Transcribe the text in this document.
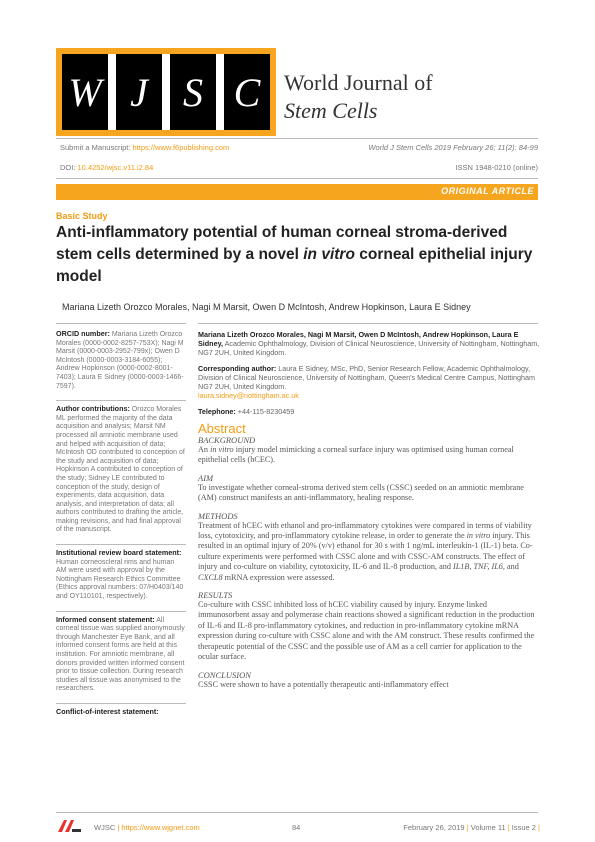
W J S C World Journal of
Stem Cells
Submit a Manuscript: https://www.f6publishing.com	World J Stem Cells 2019 February 26; 11(2): 84-99
DOI: 10.4252/wjsc.v11.i2.84	ISSN 1948-0210 (online)
ORIGINAL ARTICLE
Basic Study
Anti-inflammatory potential of human corneal stroma-derived stem cells determined by a novel in vitro corneal epithelial injury model
Mariana Lizeth Orozco Morales, Nagi M Marsit, Owen D McIntosh, Andrew Hopkinson, Laura E Sidney

ORCID number: Mariana Lizeth Orozco Morales (0000-0002-8257-753X); Nagi M Marsit (0000-0003-2952-799x); Owen D McIntosh (0000-0003-3184-6055); Andrew Hopkinson (0000-0002-8001-7403); Laura E Sidney (0000-0003-1466-7597).

Author contributions: Orozco Morales ML performed the majority of the data acquisition and analysis; Marsit NM processed all amniotic membrane used and helped with acquisition of data; McIntosh OD contributed to conception of the study and acquisition of data; Hopkinson A contributed to conception of the study; Sidney LE contributed to conception of the study, design of experiments, data acquisition, data analysis, and interpretation of data; all authors contributed to drafting the article, making revisions, and had final approval of the manuscript.

Institutional review board statement: Human corneoscleral rims and human AM were used with approval by the Nottingham Research Ethics Committee (Ethics approval numbers: 07/H0403/140 and OY110101, respectively).

Informed consent statement: All corneal tissue was supplied anonymously through Manchester Eye Bank, and all informed consent forms are held at this institution. For amniotic membrane, all donors provided written informed consent prior to tissue collection. During research studies all tissue was anonymised to the researchers.

Conflict-of-interest statement:

Mariana Lizeth Orozco Morales, Nagi M Marsit, Owen D McIntosh, Andrew Hopkinson, Laura E Sidney, Academic Ophthalmology, Division of Clinical Neuroscience, University of Nottingham, Nottingham, NG7 2UH, United Kingdom.

Corresponding author: Laura E Sidney, MSc, PhD, Senior Research Fellow, Academic Ophthalmology, Division of Clinical Neuroscience, University of Nottingham, Queen's Medical Centre Campus, Nottingham NG7 2UH, United Kingdom.
laura.sidney@nottingham.ac.uk

Telephone: +44-115-8230459

Abstract
BACKGROUND
An in vitro injury model mimicking a corneal surface injury was optimised using human corneal epithelial cells (hCEC).
AIM
To investigate whether corneal-stroma derived stem cells (CSSC) seeded on an amniotic membrane (AM) construct manifests an anti-inflammatory, healing response.
METHODS
Treatment of hCEC with ethanol and pro-inflammatory cytokines were compared in terms of viability loss, cytotoxicity, and pro-inflammatory cytokine release, in order to generate the in vitro injury. This resulted in an optimal injury of 20% (v/v) ethanol for 30 s with 1 ng/mL interleukin-1 (IL-1) beta. Co-culture experiments were performed with CSSC alone and with CSSC-AM constructs. The effect of injury and co-culture on viability, cytotoxicity, IL-6 and IL-8 production, and IL1B, TNF, IL6, and CXCL8 mRNA expression were assessed.
RESULTS
Co-culture with CSSC inhibited loss of hCEC viability caused by injury. Enzyme linked immunosorbent assay and polymerase chain reactions showed a significant reduction in the production of IL-6 and IL-8 pro-inflammatory cytokines, and reduction in pro-inflammatory cytokine mRNA expression during co-culture with CSSC alone and with the AM construct. These results confirmed the therapeutic potential of the CSSC and the possible use of AM as a cell carrier for application to the ocular surface.
CONCLUSION
CSSC were shown to have a potentially therapeutic anti-inflammatory effect
WJSC | https://www.wjgnet.com	84	February 26, 2019 | Volume 11 | Issue 2 |
